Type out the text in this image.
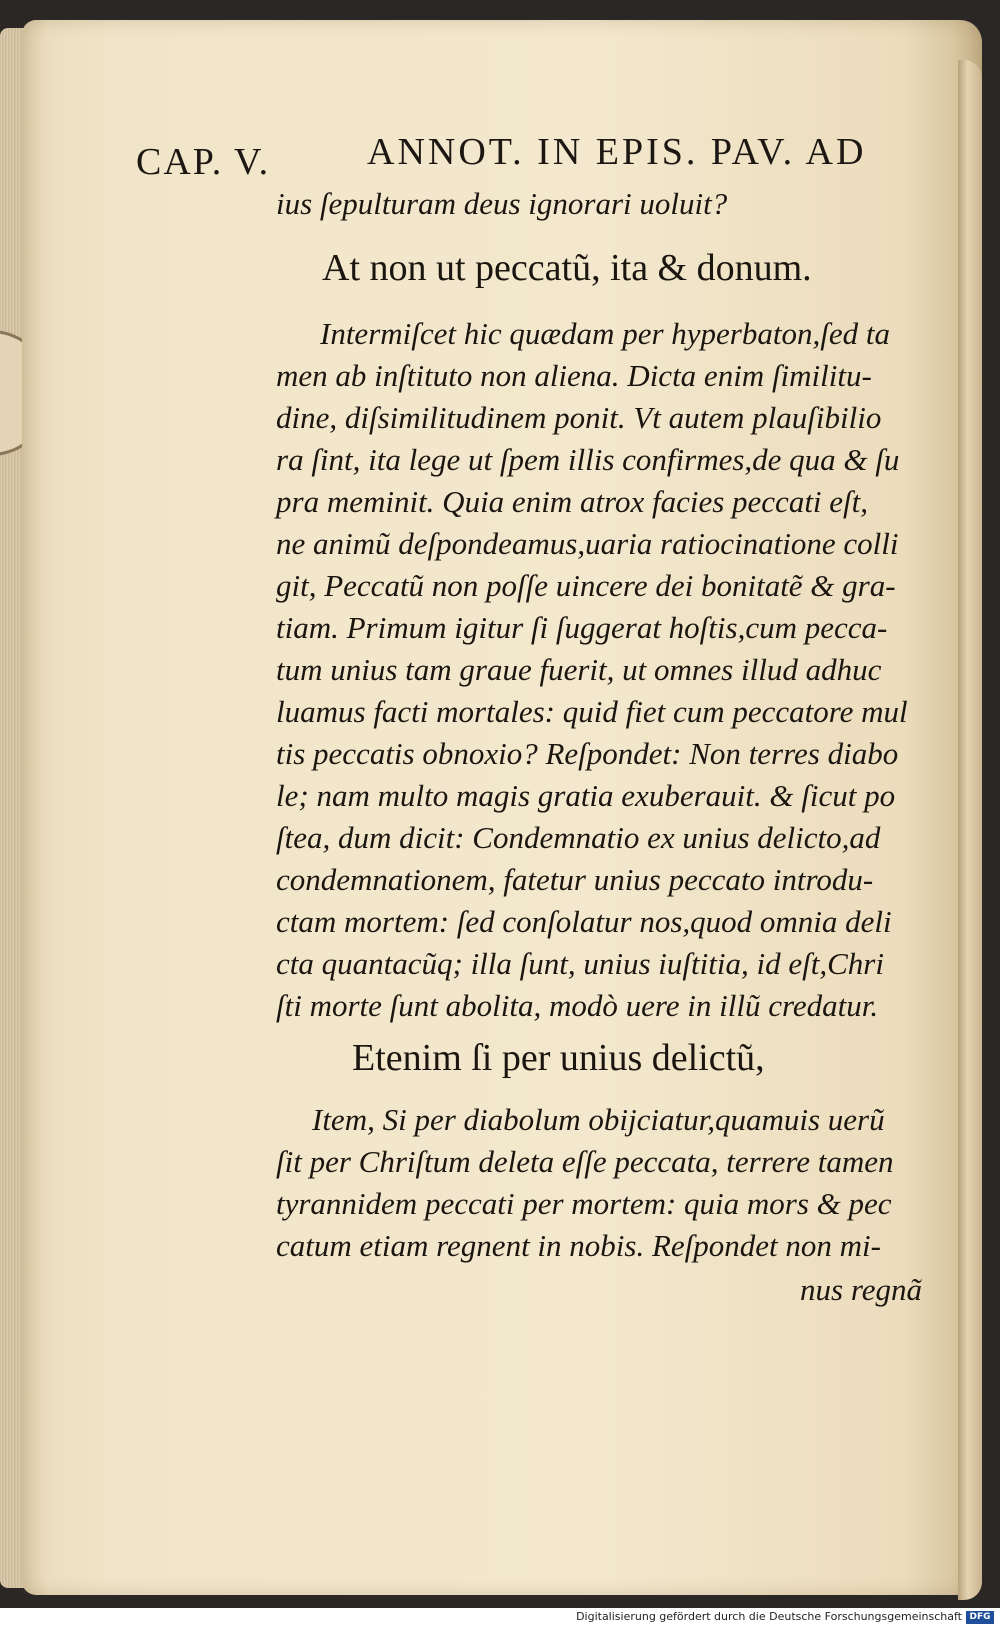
CAP. V.	ANNOT. IN EPIS. PAV. AD
ius ſepulturam deus ignorari uoluit?
At non ut peccatũ, ita & donum.
Intermiſcet hic quædam per hyperbaton,ſed ta
men ab inſtituto non aliena. Dicta enim ſimilitu-
dine, diſsimilitudinem ponit. Vt autem plauſibilio
ra ſint, ita lege ut ſpem illis confirmes,de qua & ſu
pra meminit. Quia enim atrox facies peccati eſt,
ne animũ deſpondeamus,uaria ratiocinatione colli
git, Peccatũ non poſſe uincere dei bonitatẽ & gra-
tiam. Primum igitur ſi ſuggerat hoſtis,cum pecca-
tum unius tam graue fuerit, ut omnes illud adhuc
luamus facti mortales: quid fiet cum peccatore mul
tis peccatis obnoxio? Reſpondet: Non terres diabo
le; nam multo magis gratia exuberauit. & ſicut po
ſtea, dum dicit: Condemnatio ex unius delicto,ad
condemnationem, fatetur unius peccato introdu-
ctam mortem: ſed conſolatur nos,quod omnia deli
cta quantacũq; illa ſunt, unius iuſtitia, id eſt,Chri
ſti morte ſunt abolita, modò uere in illũ credatur.
Etenim ſi per unius delictũ,
Item, Si per diabolum obijciatur,quamuis uerũ
ſit per Chriſtum deleta eſſe peccata, terrere tamen
tyrannidem peccati per mortem: quia mors & pec
catum etiam regnent in nobis. Reſpondet non mi-
nus regnã
Digitalisierung gefördert durch die Deutsche Forschungsgemeinschaft DFG
